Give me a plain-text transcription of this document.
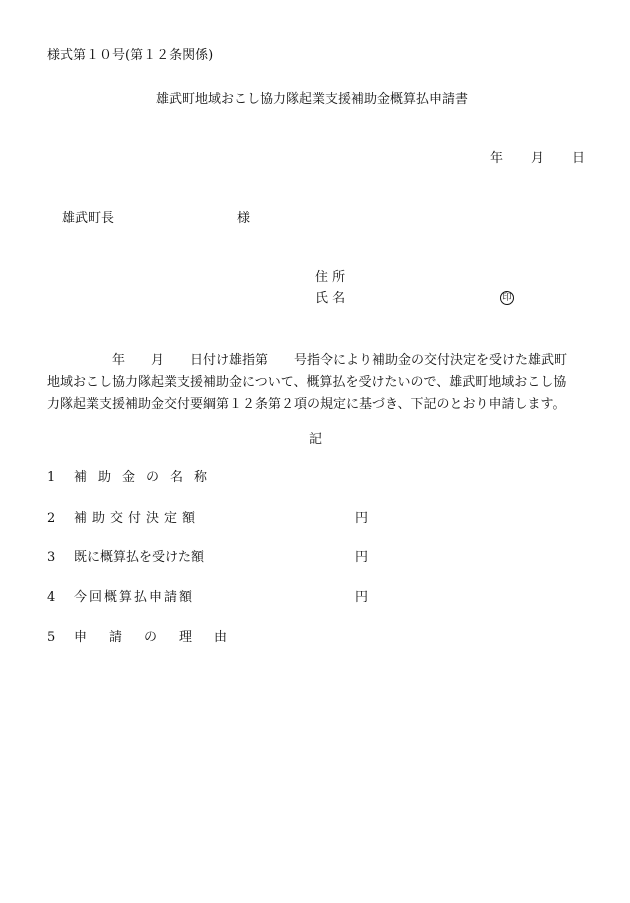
様式第１０号(第１２条関係)
雄武町地域おこし協力隊起業支援補助金概算払申請書
年 月 日
雄武町長	様
住 所
氏 名	印
　　　　　年　　月　　日付け雄指第　　号指令により補助金の交付決定を受けた雄武町
地域おこし協力隊起業支援補助金について、概算払を受けたいので、雄武町地域おこし協
力隊起業支援補助金交付要綱第１２条第２項の規定に基づき、下記のとおり申請します。
記
1	補助金の名称
2	補助交付決定額	円
3	既に概算払を受けた額	円
4	今回概算払申請額	円
5	申請の理由
